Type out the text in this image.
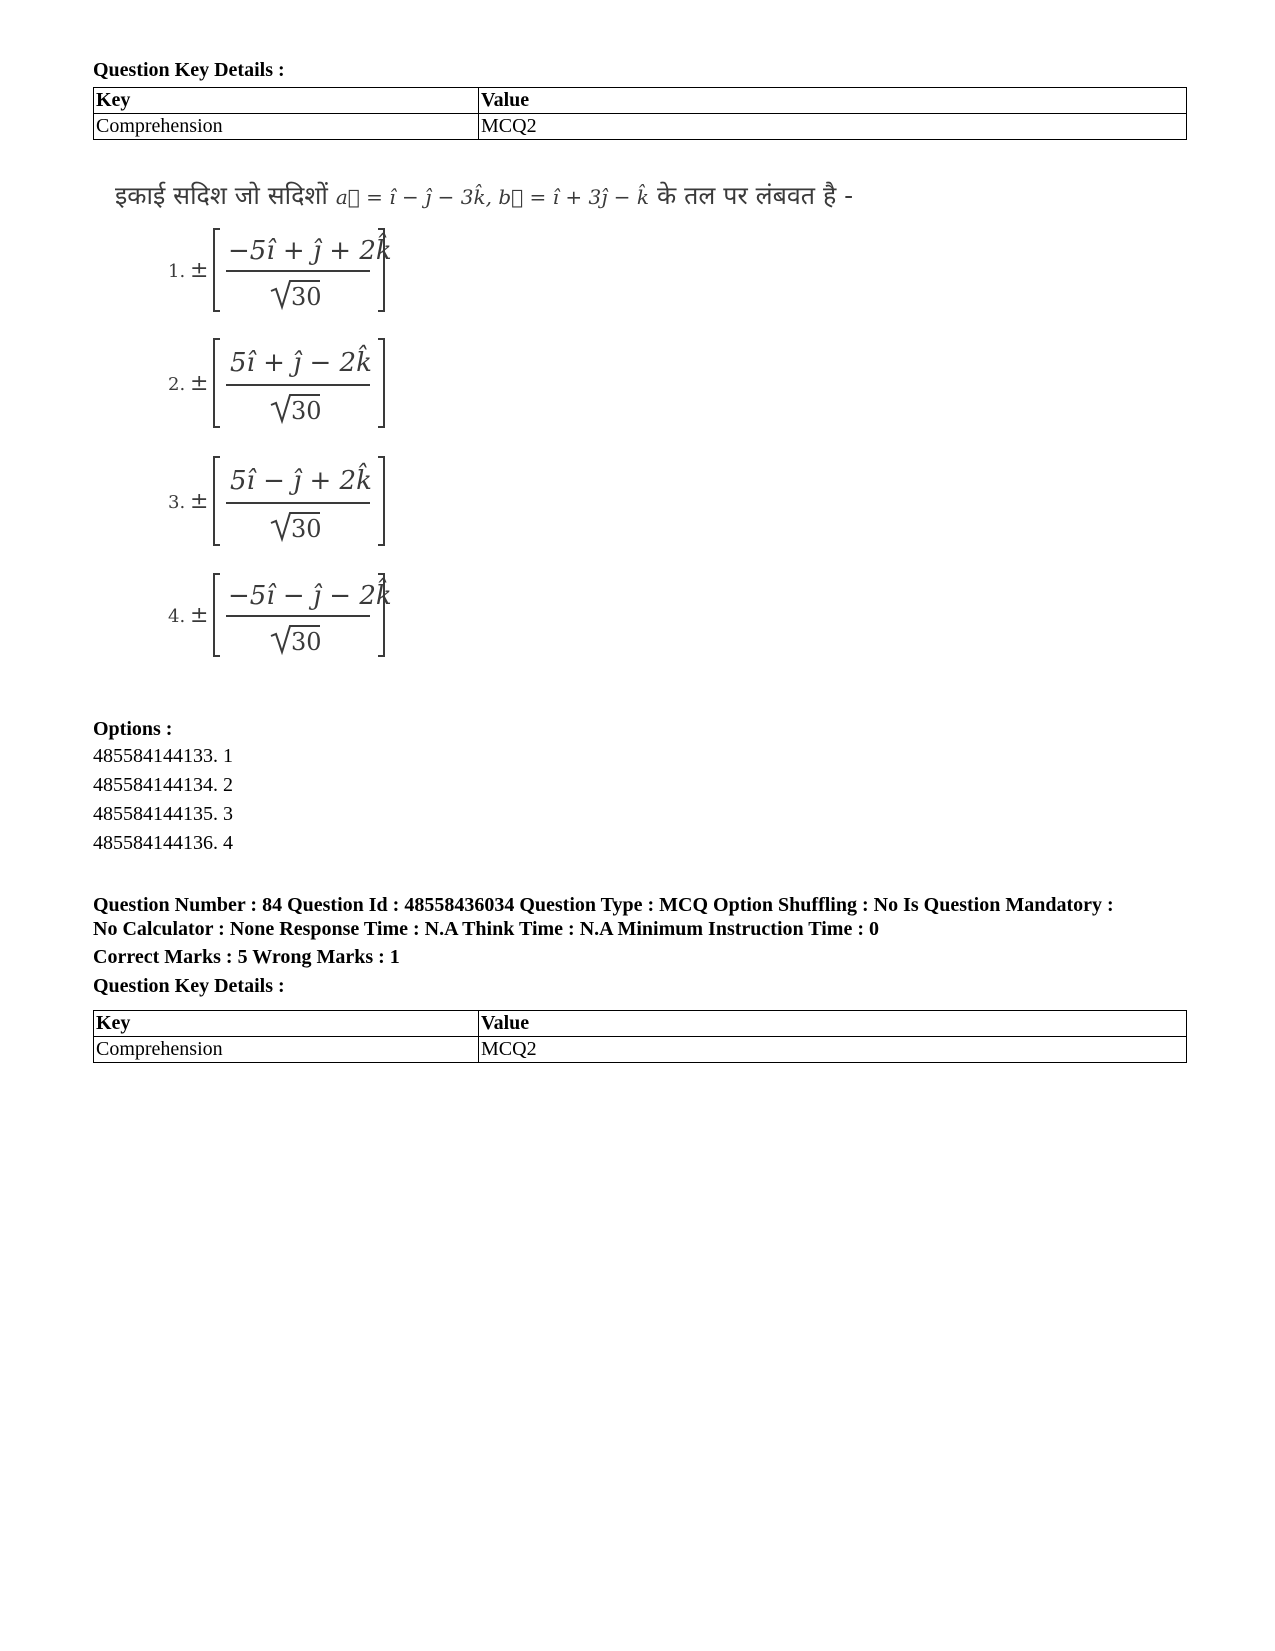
Question Key Details :
Key	Value
Comprehension	MCQ2
इकाई सदिश जो सदिशों a⃗ = î − ĵ − 3k̂, b⃗ = î + 3ĵ − k̂ के तल पर लंबवत है -
1. ±
−5î + ĵ + 2k̂
30
2. ±
5î + ĵ − 2k̂
30
3. ±
5î − ĵ + 2k̂
30
4. ±
−5î − ĵ − 2k̂
30
Options :
485584144133. 1
485584144134. 2
485584144135. 3
485584144136. 4
Question Number : 84 Question Id : 48558436034 Question Type : MCQ Option Shuffling : No Is Question Mandatory :
No Calculator : None Response Time : N.A Think Time : N.A Minimum Instruction Time : 0
Correct Marks : 5 Wrong Marks : 1
Question Key Details :
Key	Value
Comprehension	MCQ2
